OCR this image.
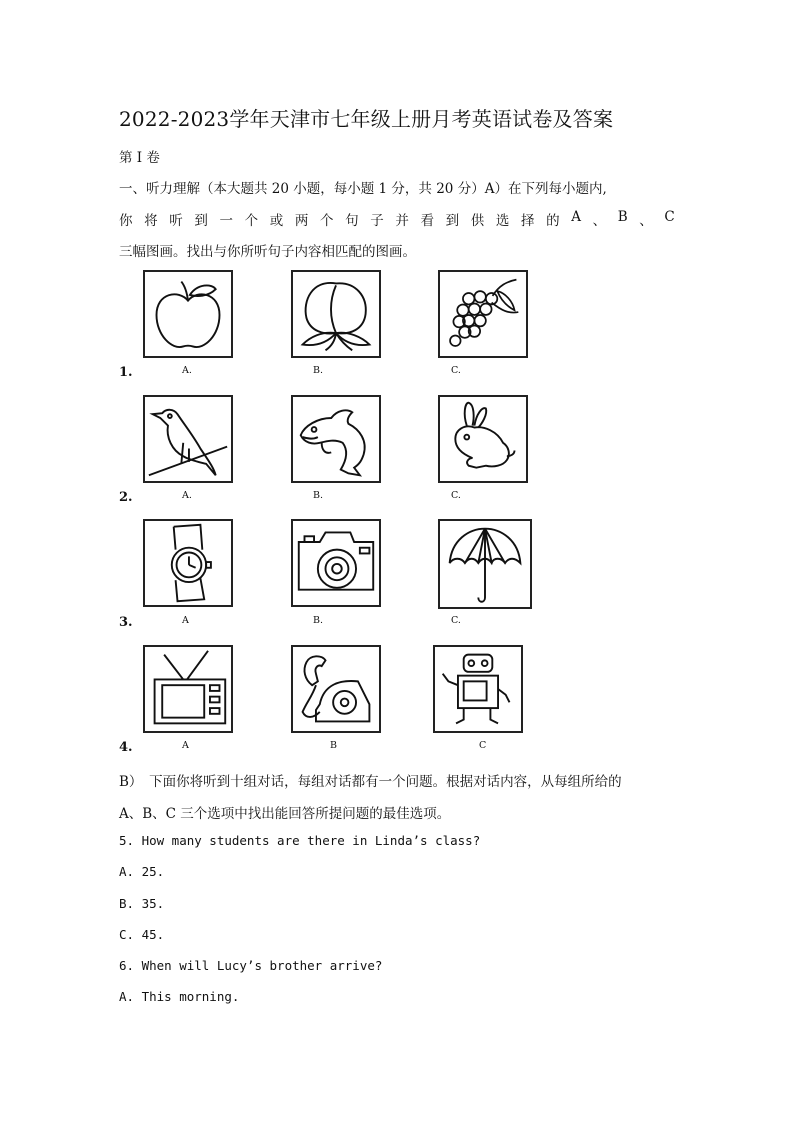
2022-2023学年天津市七年级上册月考英语试卷及答案
第 I 卷
一、听力理解（本大题共 20 小题，每小题 1 分，共 20 分）A）在下列每小题内,
你 将 听 到 一 个 或 两 个 句 子 并 看 到 供 选 择 的 A 、 B 、 C
三幅图画。找出与你所听句子内容相匹配的图画。
1.	A.	B.	C.
2.	A.	B.	C.
3.	A	B.	C.
4.	A	B	C
B）　下面你将听到十组对话，每组对话都有一个问题。根据对话内容，从每组所给的
A、B、C 三个选项中找出能回答所提问题的最佳选项。
5. How many students are there in Linda’s class?
A. 25.
B. 35.
C. 45.
6. When will Lucy’s brother arrive?
A. This morning.
